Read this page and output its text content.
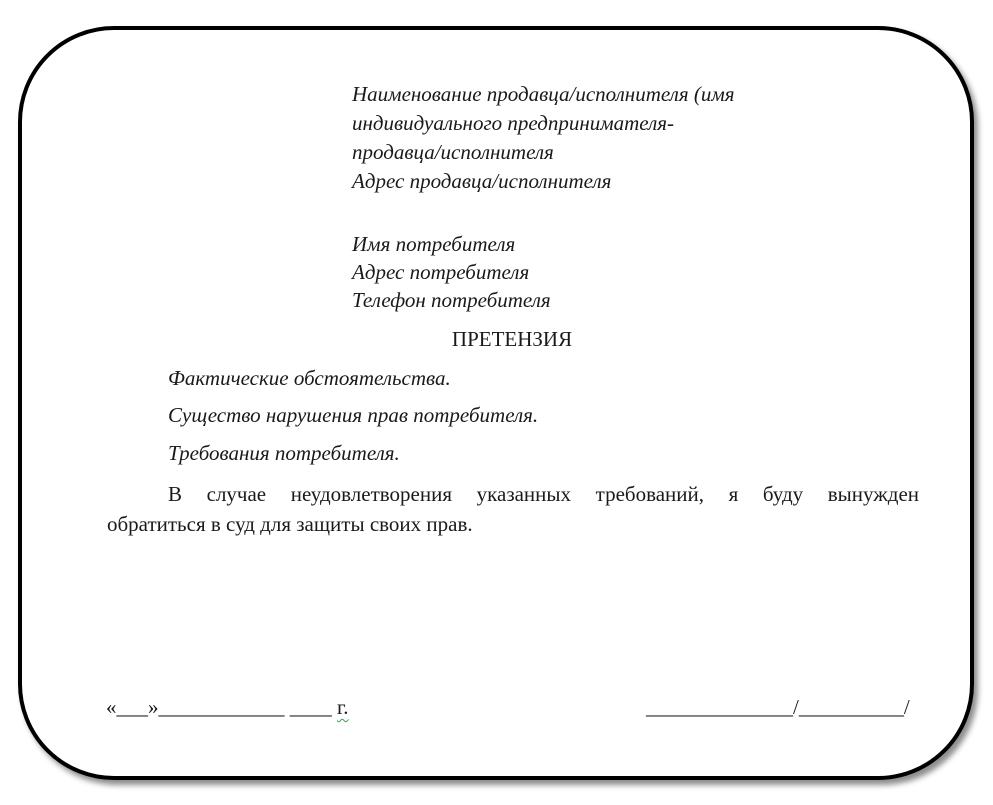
Наименование продавца/исполнителя (имя
индивидуального предпринимателя-
продавца/исполнителя
Адрес продавца/исполнителя
Имя потребителя
Адрес потребителя
Телефон потребителя
ПРЕТЕНЗИЯ
Фактические обстоятельства.
Существо нарушения прав потребителя.
Требования потребителя.
В случае неудовлетворения указанных требований, я буду вынужден
обратиться в суд для защиты своих прав.
«___»____________ ____ г.	______________/__________/
